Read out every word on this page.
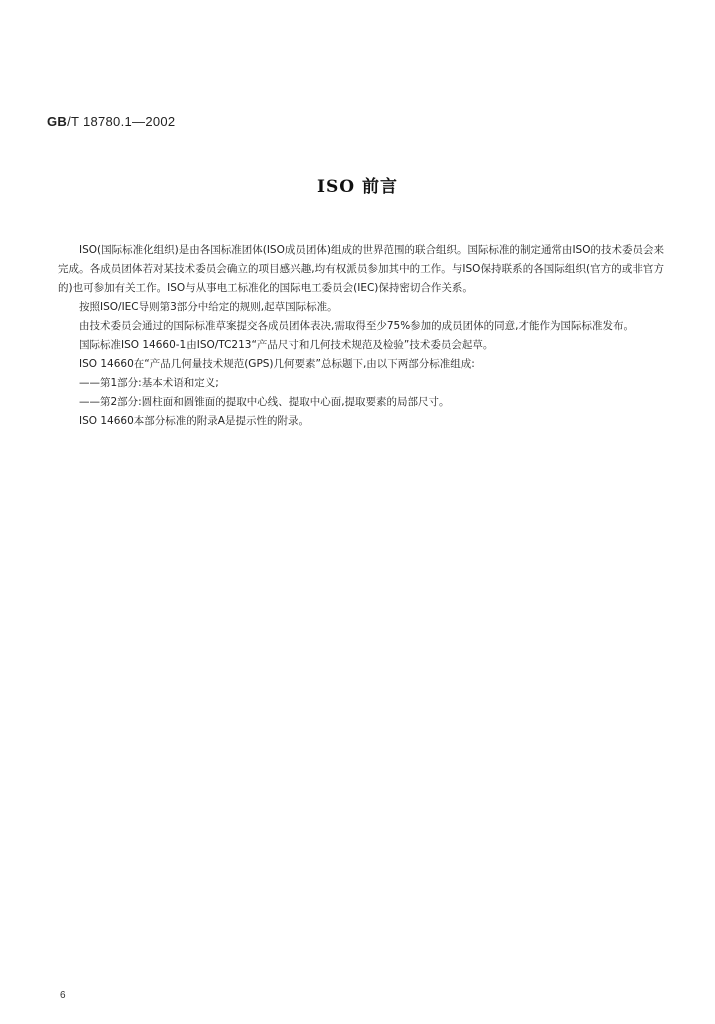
GB/T 18780.1—2002
ISO 前言

ISO(国际标准化组织)是由各国标准团体(ISO成员团体)组成的世界范围的联合组织。国际标准的制定通常由ISO的技术委员会来完成。各成员团体若对某技术委员会确立的项目感兴趣,均有权派员参加其中的工作。与ISO保持联系的各国际组织(官方的或非官方的)也可参加有关工作。ISO与从事电工标准化的国际电工委员会(IEC)保持密切合作关系。

按照ISO/IEC导则第3部分中给定的规则,起草国际标准。

由技术委员会通过的国际标准草案提交各成员团体表决,需取得至少75%参加的成员团体的同意,才能作为国际标准发布。

国际标准ISO 14660-1由ISO/TC213“产品尺寸和几何技术规范及检验”技术委员会起草。

ISO 14660在“产品几何量技术规范(GPS)几何要素”总标题下,由以下两部分标准组成:

——第1部分:基本术语和定义;

——第2部分:圆柱面和圆锥面的提取中心线、提取中心面,提取要素的局部尺寸。

ISO 14660本部分标准的附录A是提示性的附录。

6
